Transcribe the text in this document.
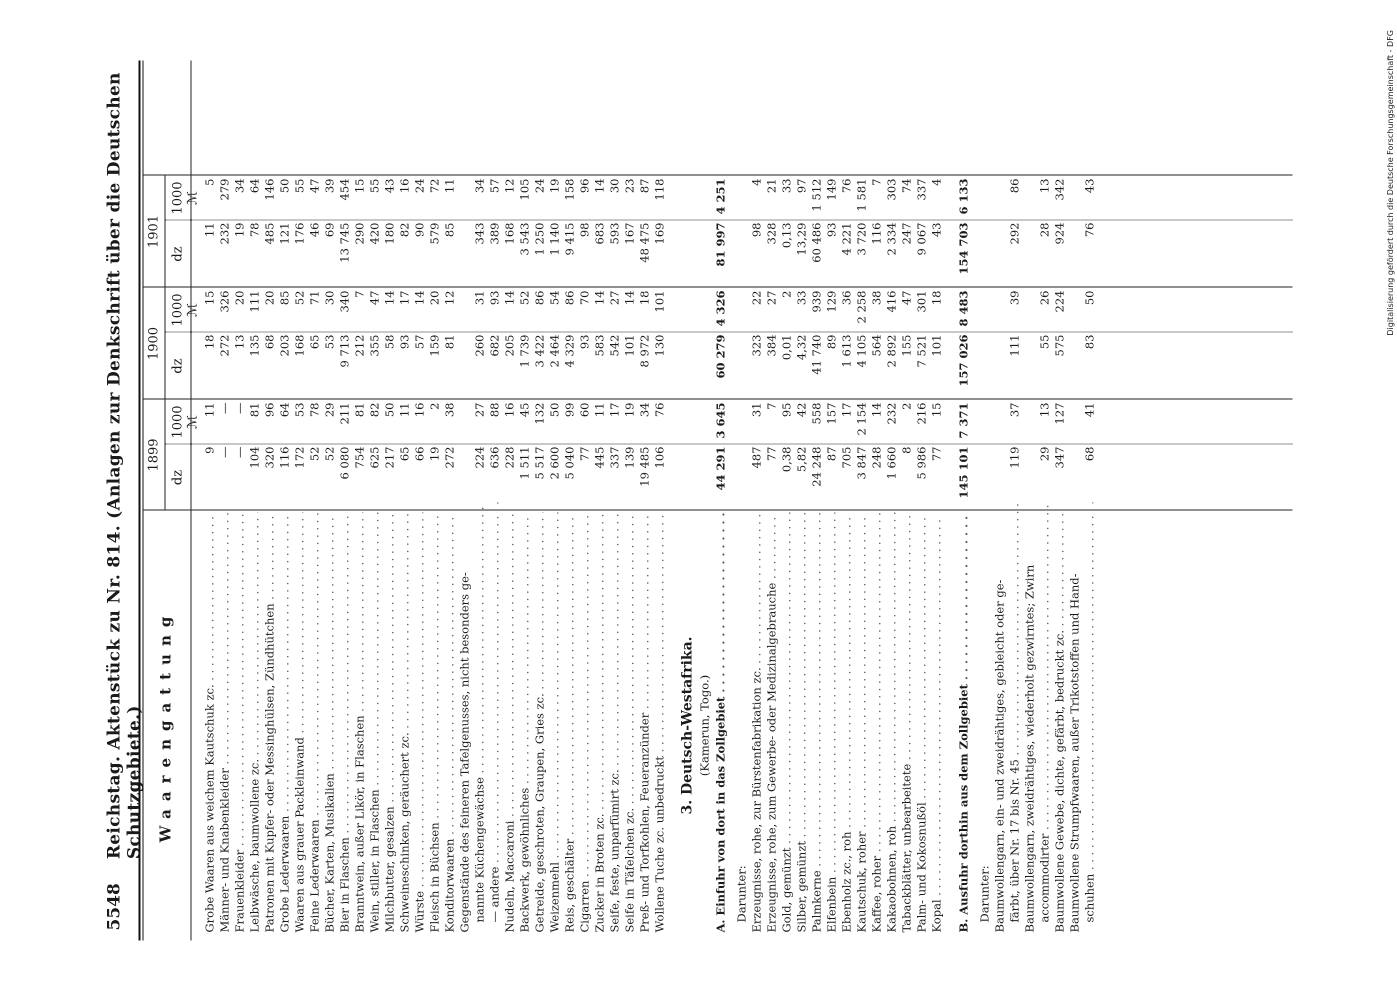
5548
Reichstag. Aktenstück zu Nr. 814. (Anlagen zur Denkschrift über die Deutschen Schutzgebiete.) Waarengattung
1899
1900
1901
dz
1000 ℳ
dz
1000 ℳ
dz
1000 ℳ
Grobe Waaren aus weichem Kautschuk zc. . . .
9
11
18
15
11
5
Männer- und Knabenkleider . . .
—
—
272
326
232
279
Frauenkleider . . .
—
—
13
20
19
34
Leibwäsche, baumwollene zc. . . .
104
81
135
111
78
64
Patronen mit Kupfer- oder Messinghülsen, Zündhütchen . . .
320
96
68
20
485
146
Grobe Lederwaaren . . .
116
64
203
85
121
50
Waaren aus grauer Packleinwand . . .
172
53
168
52
176
55
Feine Lederwaaren . . .
52
78
65
71
46
47
Bücher, Karten, Musikalien . . .
52
29
53
30
69
39
Bier in Flaschen . . .
6 080
211
9 713
340
13 745
454
Branntwein, außer Likör, in Flaschen . . .
754
81
212
7
290
15
Wein, stiller, in Flaschen . . .
625
82
355
47
420
55
Milchbutter, gesalzen . . .
217
50
58
14
180
43
Schweineschinken, geräuchert zc. . . .
65
11
93
17
82
16
Würste . . .
66
16
57
14
90
24
Fleisch in Büchsen . . .
19
2
159
20
579
72
Konditorwaaren . . .
272
38
81
12
85
11
Gegenstände des feineren Tafelgenusses, nicht besonders ge- nannte Küchengewächse . . .
224
27
260
31
343
34
— andere . . .
636
88
682
93
389
57
Nudeln, Maccaroni . . .
228
16
205
14
168
12
Backwerk, gewöhnliches . . .
1 511
45
1 739
52
3 543
105
Getreide, geschroten, Graupen, Gries zc. . . .
5 517
132
3 422
86
1 250
24
Weizenmehl . . .
2 600
50
2 464
54
1 140
19
Reis, geschälter . . .
5 040
99
4 329
86
9 415
158
Cigarren . . .
77
60
93
70
98
96
Zucker in Broten zc. . . .
445
11
583
14
683
14
Seife, feste, unparfümirt zc. . . .
337
17
542
27
593
30
Seife in Täfelchen zc. . . .
139
19
101
14
167
23
Preß- und Torfkohlen, Feueranzünder . . .
19 485
34
8 972
18
48 475
87
Wollene Tuche zc. unbedruckt . . .
106
76
130
101
169
118
3. Deutsch-Westafrika. (Kamerun, Togo.) A. Einfuhr von dort in das Zollgebiet . . .
44 291
3 645
60 279
4 326
81 997
4 251
Darunter: Erzeugnisse, rohe, zur Bürstenfabrikation zc. . . .
487
31
323
22
98
4
Erzeugnisse, rohe, zum Gewerbe- oder Medizinalgebrauche . . .
77
7
384
27
328
21
Gold, gemünzt . . .
0,38
95
0,01
2
0,13
33
Silber, gemünzt . . .
5,82
42
4,32
33
13,29
97
Palmkerne . . .
24 248
558
41 740
939
60 486
1 512
Elfenbein . . .
87
157
89
129
93
149
Ebenholz zc., roh . . .
705
17
1 613
36
4 221
76
Kautschuk, roher . . .
3 847
2 154
4 105
2 258
3 720
1 581
Kaffee, roher . . .
248
14
564
38
116
7
Kakaobohnen, roh . . .
1 660
232
2 892
416
2 334
303
Tabackblätter, unbearbeitete . . .
8
2
155
47
247
74
Palm- und Kokosnußöl . . .
5 986
216
7 521
301
9 067
337
Kopal . . .
77
15
101
18
43
4
B. Ausfuhr dorthin aus dem Zollgebiet . . .
145 101
7 371
157 026
8 483
154 703
6 133
Darunter: Baumwollengarn, ein- und zweidrähtiges, gebleicht oder ge- färbt, über Nr. 17 bis Nr. 45 . . .
119
37
111
39
292
86
Baumwollengarn, zweidrähtiges, wiederholt gezwirntes; Zwirn accommodirter . . .
29
13
55
26
28
13
Baumwollene Gewebe, dichte, gefärbt, bedruckt zc. . . .
347
127
575
224
924
342
Baumwollene Strumpfwaaren, außer Trikotstoffen und Hand- schuhen . . .
68
41
83
50
76
43	Digitalisierung gefördert durch die Deutsche Forschungsgemeinschaft - DFG
